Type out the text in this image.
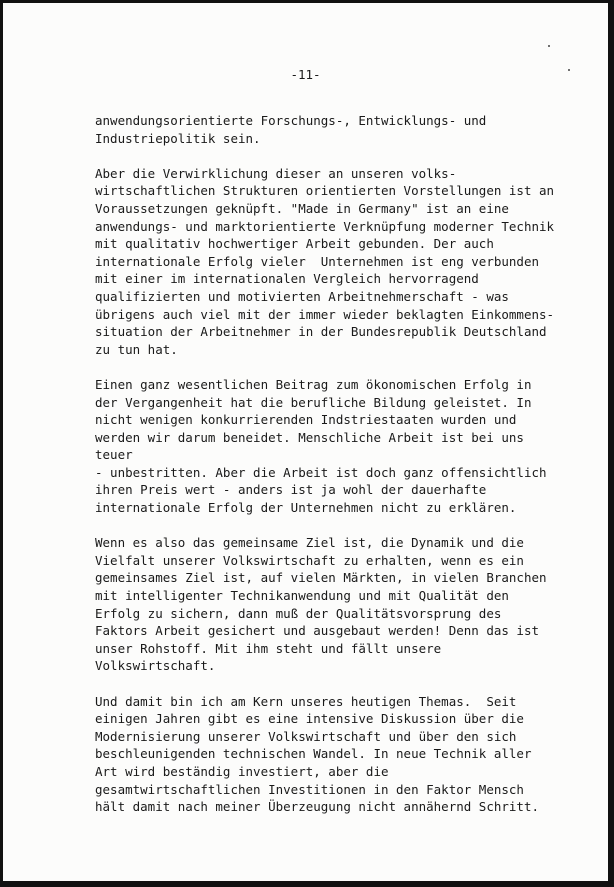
-11-
anwendungsorientierte Forschungs-, Entwicklungs- und
Industriepolitik sein.
Aber die Verwirklichung dieser an unseren volks-
wirtschaftlichen Strukturen orientierten Vorstellungen ist an
Voraussetzungen geknüpft. "Made in Germany" ist an eine
anwendungs- und marktorientierte Verknüpfung moderner Technik
mit qualitativ hochwertiger Arbeit gebunden. Der auch
internationale Erfolg vieler  Unternehmen ist eng verbunden
mit einer im internationalen Vergleich hervorragend
qualifizierten und motivierten Arbeitnehmerschaft - was
übrigens auch viel mit der immer wieder beklagten Einkommens-
situation der Arbeitnehmer in der Bundesrepublik Deutschland
zu tun hat.
Einen ganz wesentlichen Beitrag zum ökonomischen Erfolg in
der Vergangenheit hat die berufliche Bildung geleistet. In
nicht wenigen konkurrierenden Indstriestaaten wurden und
werden wir darum beneidet. Menschliche Arbeit ist bei uns
teuer
- unbestritten. Aber die Arbeit ist doch ganz offensichtlich
ihren Preis wert - anders ist ja wohl der dauerhafte
internationale Erfolg der Unternehmen nicht zu erklären.
Wenn es also das gemeinsame Ziel ist, die Dynamik und die
Vielfalt unserer Volkswirtschaft zu erhalten, wenn es ein
gemeinsames Ziel ist, auf vielen Märkten, in vielen Branchen
mit intelligenter Technikanwendung und mit Qualität den
Erfolg zu sichern, dann muß der Qualitätsvorsprung des
Faktors Arbeit gesichert und ausgebaut werden! Denn das ist
unser Rohstoff. Mit ihm steht und fällt unsere
Volkswirtschaft.
Und damit bin ich am Kern unseres heutigen Themas.  Seit
einigen Jahren gibt es eine intensive Diskussion über die
Modernisierung unserer Volkswirtschaft und über den sich
beschleunigenden technischen Wandel. In neue Technik aller
Art wird beständig investiert, aber die
gesamtwirtschaftlichen Investitionen in den Faktor Mensch
hält damit nach meiner Überzeugung nicht annähernd Schritt.
